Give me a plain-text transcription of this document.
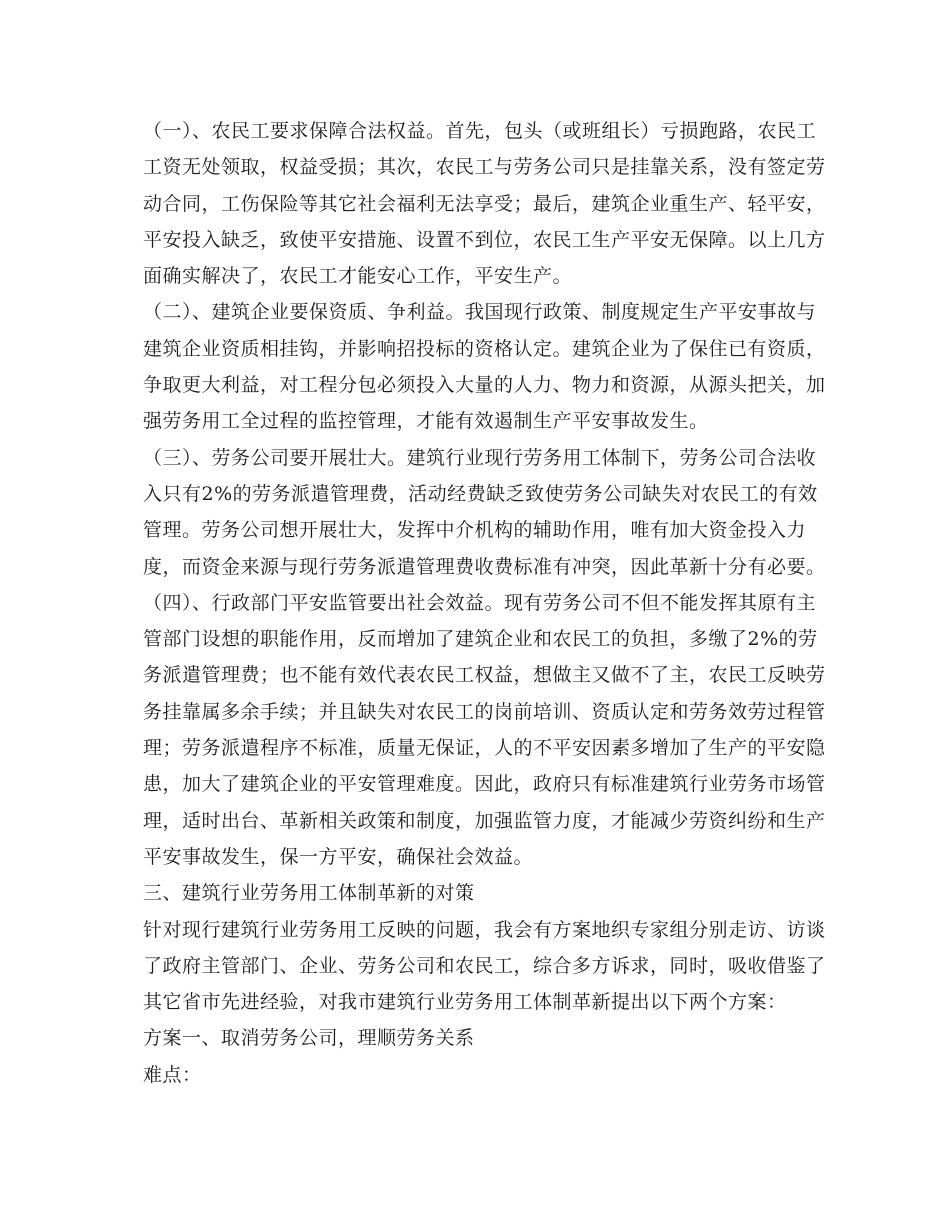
（一）、农民工要求保障合法权益。首先，包头（或班组长）亏损跑路，农民工
工资无处领取，权益受损；其次，农民工与劳务公司只是挂靠关系，没有签定劳
动合同，工伤保险等其它社会福利无法享受；最后，建筑企业重生产、轻平安，
平安投入缺乏，致使平安措施、设置不到位，农民工生产平安无保障。以上几方
面确实解决了，农民工才能安心工作，平安生产。
（二）、建筑企业要保资质、争利益。我国现行政策、制度规定生产平安事故与
建筑企业资质相挂钩，并影响招投标的资格认定。建筑企业为了保住已有资质，
争取更大利益，对工程分包必须投入大量的人力、物力和资源，从源头把关，加
强劳务用工全过程的监控管理，才能有效遏制生产平安事故发生。
（三）、劳务公司要开展壮大。建筑行业现行劳务用工体制下，劳务公司合法收
入只有2%的劳务派遣管理费，活动经费缺乏致使劳务公司缺失对农民工的有效
管理。劳务公司想开展壮大，发挥中介机构的辅助作用，唯有加大资金投入力
度，而资金来源与现行劳务派遣管理费收费标准有冲突，因此革新十分有必要。
（四）、行政部门平安监管要出社会效益。现有劳务公司不但不能发挥其原有主
管部门设想的职能作用，反而增加了建筑企业和农民工的负担，多缴了2%的劳
务派遣管理费；也不能有效代表农民工权益，想做主又做不了主，农民工反映劳
务挂靠属多余手续；并且缺失对农民工的岗前培训、资质认定和劳务效劳过程管
理；劳务派遣程序不标准，质量无保证，人的不平安因素多增加了生产的平安隐
患，加大了建筑企业的平安管理难度。因此，政府只有标准建筑行业劳务市场管
理，适时出台、革新相关政策和制度，加强监管力度，才能减少劳资纠纷和生产
平安事故发生，保一方平安，确保社会效益。
三、建筑行业劳务用工体制革新的对策
针对现行建筑行业劳务用工反映的问题，我会有方案地织专家组分别走访、访谈
了政府主管部门、企业、劳务公司和农民工，综合多方诉求，同时，吸收借鉴了
其它省市先进经验，对我市建筑行业劳务用工体制革新提出以下两个方案：
方案一、取消劳务公司，理顺劳务关系
难点：
